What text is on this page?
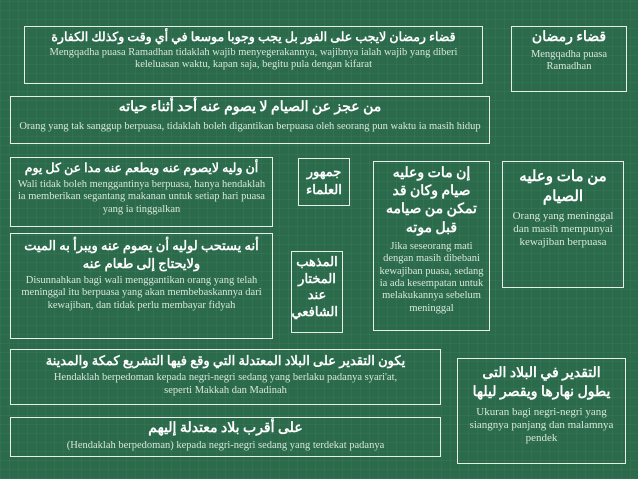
قضاء رمضان
Mengqadha puasa Ramadhan
قضاء رمضان لايجب على الفور بل يجب وجوبا موسعا في أي وقت وكذلك الكفارة
Mengqadha puasa Ramadhan tidaklah wajib menyegerakannya, wajibnya ialah wajib yang diberi keleluasan waktu, kapan saja, begitu pula dengan kifarat
من عجز عن الصيام لا يصوم عنه أحد أثناء حياته
Orang yang tak sanggup berpuasa, tidaklah boleh digantikan berpuasa oleh seorang pun waktu ia masih hidup
من مات وعليه الصيام
Orang yang meninggal dan masih mempunyai kewajiban berpuasa
إن مات وعليه صيام وكان قد تمكن من صيامه قبل موته
Jika seseorang mati dengan masih dibebani kewajiban puasa, sedang ia ada kesempatan untuk melakukannya sebelum meninggal
جمهور العلماء
المذهب المختار عند الشافعي
أن وليه لايصوم عنه ويطعم عنه مدا عن كل يوم
Wali tidak boleh menggantinya berpuasa, hanya hendaklah ia memberikan segantang makanan untuk setiap hari puasa yang ia tinggalkan
أنه يستحب لوليه أن يصوم عنه ويبرأ به الميت ولايحتاج إلى طعام عنه
Disunnahkan bagi wali menggantikan orang yang telah meninggal itu berpuasa yang akan membebaskannya dari kewajiban, dan tidak perlu membayar fidyah
التقدير في البلاد التى يطول نهارها ويقصر ليلها
Ukuran bagi negri-negri yang siangnya panjang dan malamnya pendek
يكون التقدير على البلاد المعتدلة التي وقع فيها التشريع كمكة والمدينة
Hendaklah berpedoman kepada negri-negri sedang yang berlaku padanya syari'at, seperti Makkah dan Madinah
على أقرب بلاد معتدلة إليهم
(Hendaklah berpedoman) kepada negri-negri sedang yang terdekat padanya
